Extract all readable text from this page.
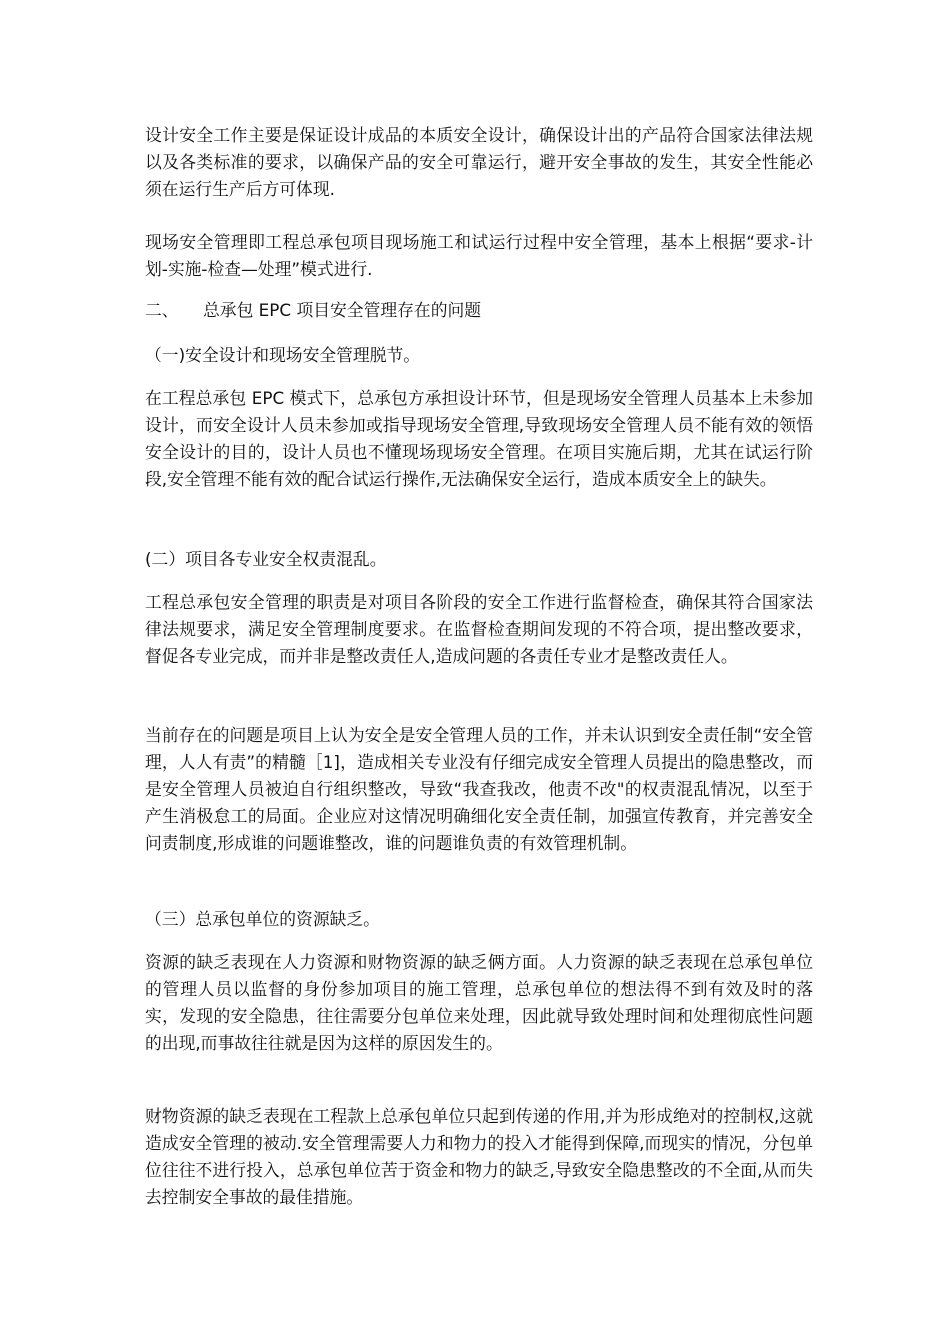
设计安全工作主要是保证设计成品的本质安全设计，确保设计出的产品符合国家法律法规以及各类标准的要求，以确保产品的安全可靠运行，避开安全事故的发生，其安全性能必须在运行生产后方可体现.

现场安全管理即工程总承包项目现场施工和试运行过程中安全管理，基本上根据“要求-计划-实施-检查—处理”模式进行.

二、 总承包 EPC 项目安全管理存在的问题

（一)安全设计和现场安全管理脱节。

在工程总承包 EPC 模式下，总承包方承担设计环节，但是现场安全管理人员基本上未参加设计，而安全设计人员未参加或指导现场安全管理,导致现场安全管理人员不能有效的领悟安全设计的目的，设计人员也不懂现场现场安全管理。在项目实施后期，尤其在试运行阶段,安全管理不能有效的配合试运行操作,无法确保安全运行，造成本质安全上的缺失。

(二）项目各专业安全权责混乱。

工程总承包安全管理的职责是对项目各阶段的安全工作进行监督检查，确保其符合国家法律法规要求，满足安全管理制度要求。在监督检查期间发现的不符合项，提出整改要求，督促各专业完成，而并非是整改责任人,造成问题的各责任专业才是整改责任人。

当前存在的问题是项目上认为安全是安全管理人员的工作，并未认识到安全责任制“安全管理，人人有责”的精髓［1]，造成相关专业没有仔细完成安全管理人员提出的隐患整改，而是安全管理人员被迫自行组织整改，导致“我查我改，他责不改"的权责混乱情况，以至于产生消极怠工的局面。企业应对这情况明确细化安全责任制，加强宣传教育，并完善安全问责制度,形成谁的问题谁整改，谁的问题谁负责的有效管理机制。

（三）总承包单位的资源缺乏。

资源的缺乏表现在人力资源和财物资源的缺乏俩方面。人力资源的缺乏表现在总承包单位的管理人员以监督的身份参加项目的施工管理，总承包单位的想法得不到有效及时的落实，发现的安全隐患，往往需要分包单位来处理，因此就导致处理时间和处理彻底性问题的出现,而事故往往就是因为这样的原因发生的。

财物资源的缺乏表现在工程款上总承包单位只起到传递的作用,并为形成绝对的控制权,这就造成安全管理的被动.安全管理需要人力和物力的投入才能得到保障,而现实的情况，分包单位往往不进行投入，总承包单位苦于资金和物力的缺乏,导致安全隐患整改的不全面,从而失去控制安全事故的最佳措施。
